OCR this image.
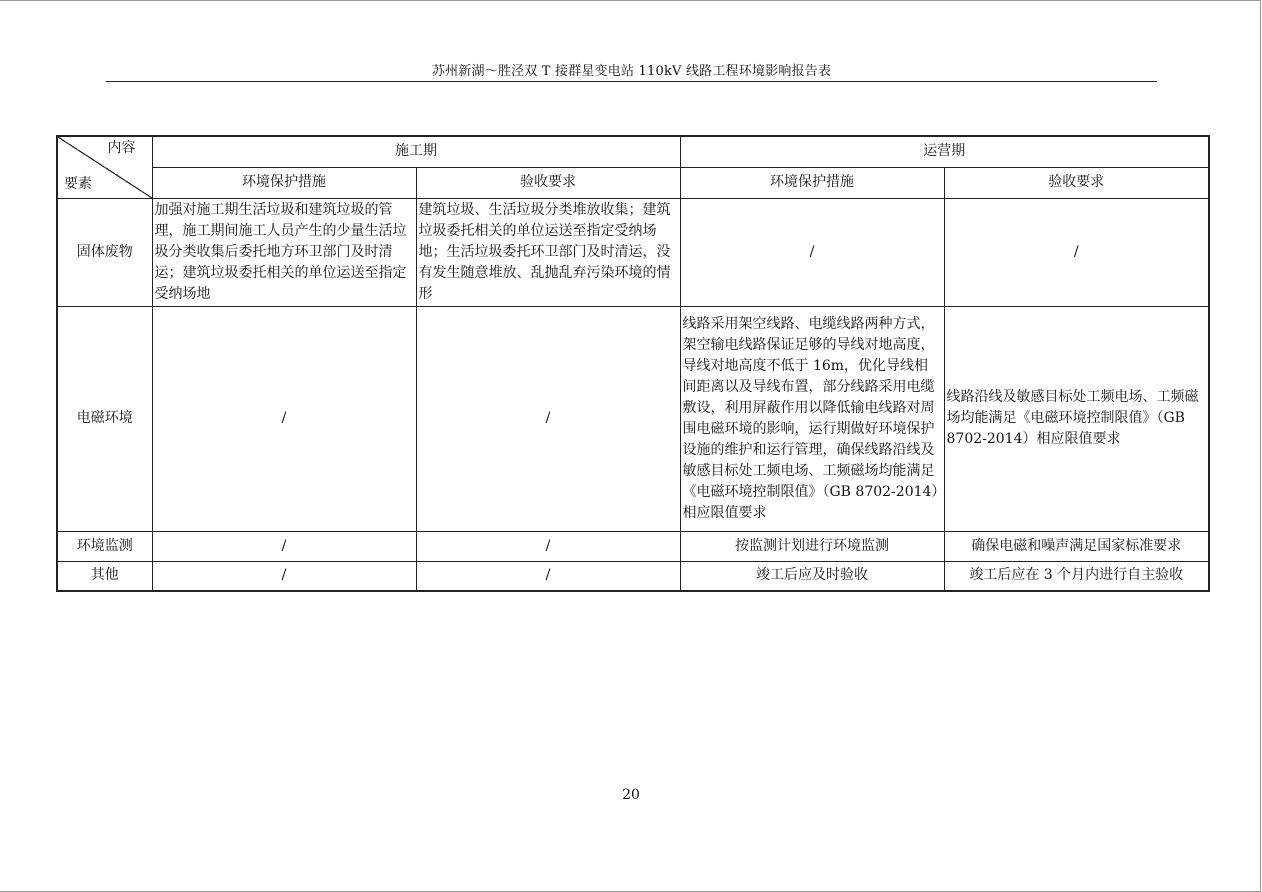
苏州新湖～胜泾双 T 接群星变电站 110kV 线路工程环境影响报告表
内容
要素	施工期		运营期	
	环境保护措施	验收要求	环境保护措施	验收要求
固体废物	加强对施工期生活垃圾和建筑垃圾的管理，施工期间施工人员产生的少量生活垃圾分类收集后委托地方环卫部门及时清运；建筑垃圾委托相关的单位运送至指定受纳场地	建筑垃圾、生活垃圾分类堆放收集；建筑垃圾委托相关的单位运送至指定受纳场地；生活垃圾委托环卫部门及时清运，没有发生随意堆放、乱抛乱弃污染环境的情形	/	/
电磁环境	/	/	线路采用架空线路、电缆线路两种方式，架空输电线路保证足够的导线对地高度，导线对地高度不低于 16m，优化导线相间距离以及导线布置，部分线路采用电缆敷设，利用屏蔽作用以降低输电线路对周围电磁环境的影响，运行期做好环境保护设施的维护和运行管理，确保线路沿线及敏感目标处工频电场、工频磁场均能满足《电磁环境控制限值》（GB 8702-2014）相应限值要求	线路沿线及敏感目标处工频电场、工频磁场均能满足《电磁环境控制限值》（GB 8702-2014）相应限值要求
环境监测	/	/	按监测计划进行环境监测	确保电磁和噪声满足国家标准要求
其他	/	/	竣工后应及时验收	竣工后应在 3 个月内进行自主验收
20
